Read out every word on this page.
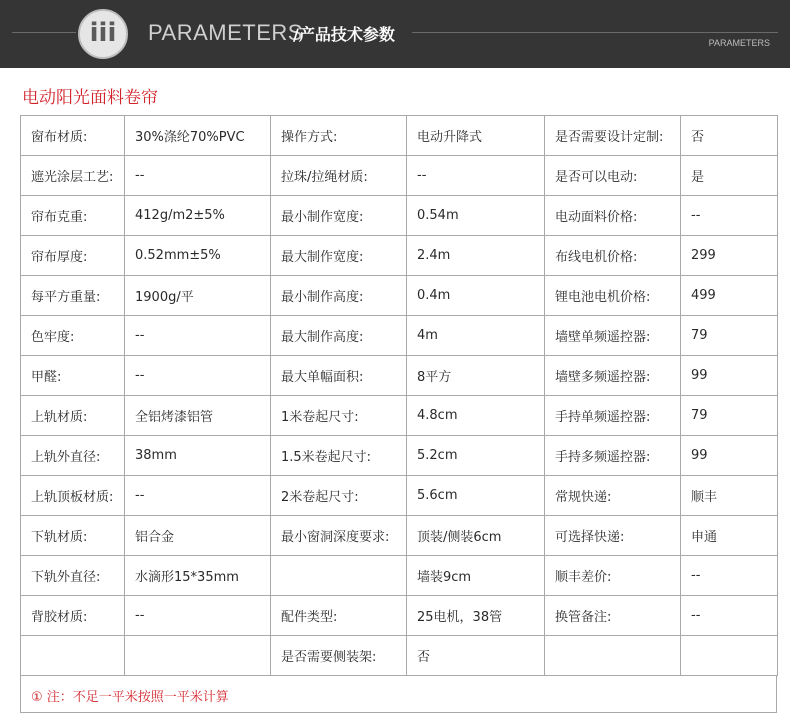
iii	PARAMETERS
/产品技术参数	PARAMETERS
电动阳光面料卷帘
窗布材质:	30%涤纶70%PVC	操作方式:	电动升降式	是否需要设计定制:	否
遮光涂层工艺:	--	拉珠/拉绳材质:	--	是否可以电动:	是
帘布克重:	412g/m2±5%	最小制作宽度:	0.54m	电动面料价格:	--
帘布厚度:	0.52mm±5%	最大制作宽度:	2.4m	布线电机价格:	299
每平方重量:	1900g/平	最小制作高度:	0.4m	锂电池电机价格:	499
色牢度:	--	最大制作高度:	4m	墙壁单频遥控器:	79
甲醛:	--	最大单幅面积:	8平方	墙壁多频遥控器:	99
上轨材质:	全铝烤漆铝管	1米卷起尺寸:	4.8cm	手持单频遥控器:	79
上轨外直径:	38mm	1.5米卷起尺寸:	5.2cm	手持多频遥控器:	99
上轨顶板材质:	--	2米卷起尺寸:	5.6cm	常规快递:	顺丰
下轨材质:	铝合金	最小窗洞深度要求:	顶装/侧装6cm	可选择快递:	申通
下轨外直径:	水滴形15*35mm		墙装9cm	顺丰差价:	--
背胶材质:	--	配件类型:	25电机，38管	换管备注:	--
		是否需要侧装架:	否		
① 注：不足一平米按照一平米计算
